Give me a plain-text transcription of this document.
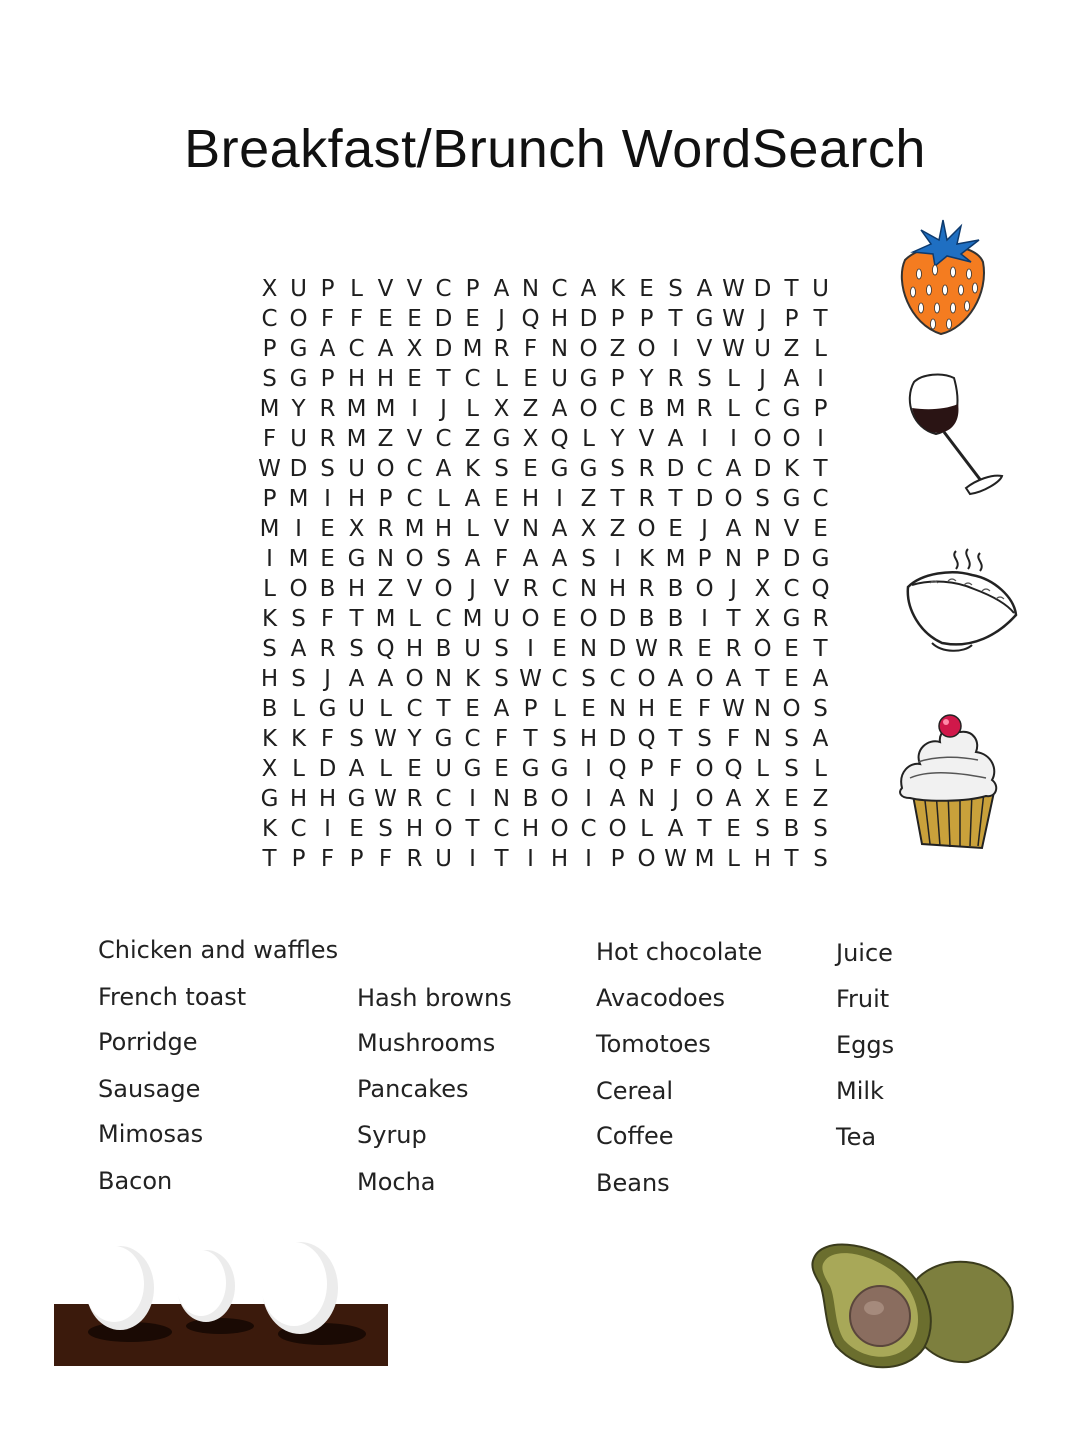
Breakfast/Brunch WordSearch
X U P L V V C P A N C A K E S A W D T U
C O F F E E D E J Q H D P P T G W J P T
P G A C A X D M R F N O Z O I V W U Z L
S G P H H E T C L E U G P Y R S L J A I
M Y R M M I J L X Z A O C B M R L C G P
F U R M Z V C Z G X Q L Y V A I I O O I
W D S U O C A K S E G G S R D C A D K T
P M I H P C L A E H I Z T R T D O S G C
M I E X R M H L V N A X Z O E J A N V E
I M E G N O S A F A A S I K M P N P D G
L O B H Z V O J V R C N H R B O J X C Q
K S F T M L C M U O E O D B B I T X G R
S A R S Q H B U S I E N D W R E R O E T
H S J A A O N K S W C S C O A O A T E A
B L G U L C T E A P L E N H E F W N O S
K K F S W Y G C F T S H D Q T S F N S A
X L D A L E U G E G G I Q P F O Q L S L
G H H G W R C I N B O I A N J O A X E Z
K C I E S H O T C H O C O L A T E S B S
T P F P F R U I T I H I P O W M L H T S
Chicken and waffles
French toast
Porridge
Sausage
Mimosas
Bacon
Hash browns
Mushrooms
Pancakes
Syrup
Mocha
Hot chocolate
Avacodoes
Tomotoes
Cereal
Coffee
Beans
Juice
Fruit
Eggs
Milk
Tea
